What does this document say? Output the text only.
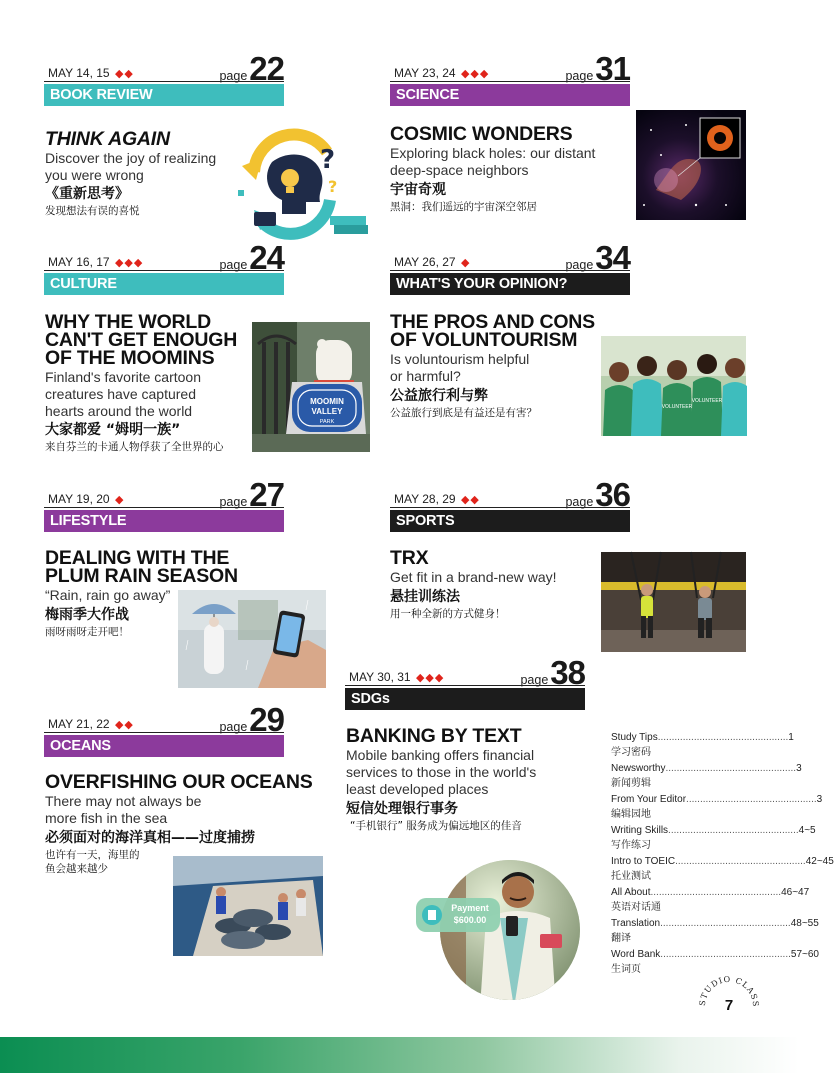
MAY 14, 15 ◆◆	page22
BOOK REVIEW
THINK AGAIN
Discover the joy of realizing
you were wrong
《重新思考》
发现想法有误的喜悦
?
?
MAY 23, 24 ◆◆◆	page31
SCIENCE
COSMIC WONDERS
Exploring black holes: our distant
deep-space neighbors
宇宙奇观
黑洞：我们遥远的宇宙深空邻居
MAY 16, 17 ◆◆◆	page24
CULTURE
WHY THE WORLD
CAN'T GET ENOUGH
OF THE MOOMINS
Finland's favorite cartoon
creatures have captured
hearts around the world
大家都爱 “姆明一族”
来自芬兰的卡通人物俘获了全世界的心
MOOMIN
VALLEY
PARK
MAY 26, 27 ◆	page34
WHAT'S YOUR OPINION?
THE PROS AND CONS
OF VOLUNTOURISM
Is voluntourism helpful
or harmful?
公益旅行利与弊
公益旅行到底是有益还是有害？	VOLUNTEER
VOLUNTEER
MAY 19, 20 ◆	page27
LIFESTYLE
DEALING WITH THE
PLUM RAIN SEASON
“Rain, rain go away”
梅雨季大作战
雨呀雨呀走开吧！
MAY 28, 29 ◆◆	page36
SPORTS
TRX
Get fit in a brand-new way!
悬挂训练法
用一种全新的方式健身！
MAY 30, 31 ◆◆◆	page38
SDGs
BANKING BY TEXT
Mobile banking offers financial
services to those in the world's
least developed places
短信处理银行事务
“手机银行” 服务成为偏远地区的佳音
Payment
$600.00
MAY 21, 22 ◆◆	page29
OCEANS
OVERFISHING OUR OCEANS
There may not always be
more fish in the sea
必须面对的海洋真相——过度捕捞
也许有一天，海里的
鱼会越来越少
Study Tips ............................................... 1
学习密码
Newsworthy ............................................... 3
新闻剪辑
From Your Editor ............................................... 3
编辑园地
Writing Skills ............................................... 4~5
写作练习
Intro to TOEIC ............................................... 42~45
托业测试
All About ............................................... 46~47
英语对话通
Translation ............................................... 48~55
翻译
Word Bank ............................................... 57~60
生词页
STUDIO CLASS
7
